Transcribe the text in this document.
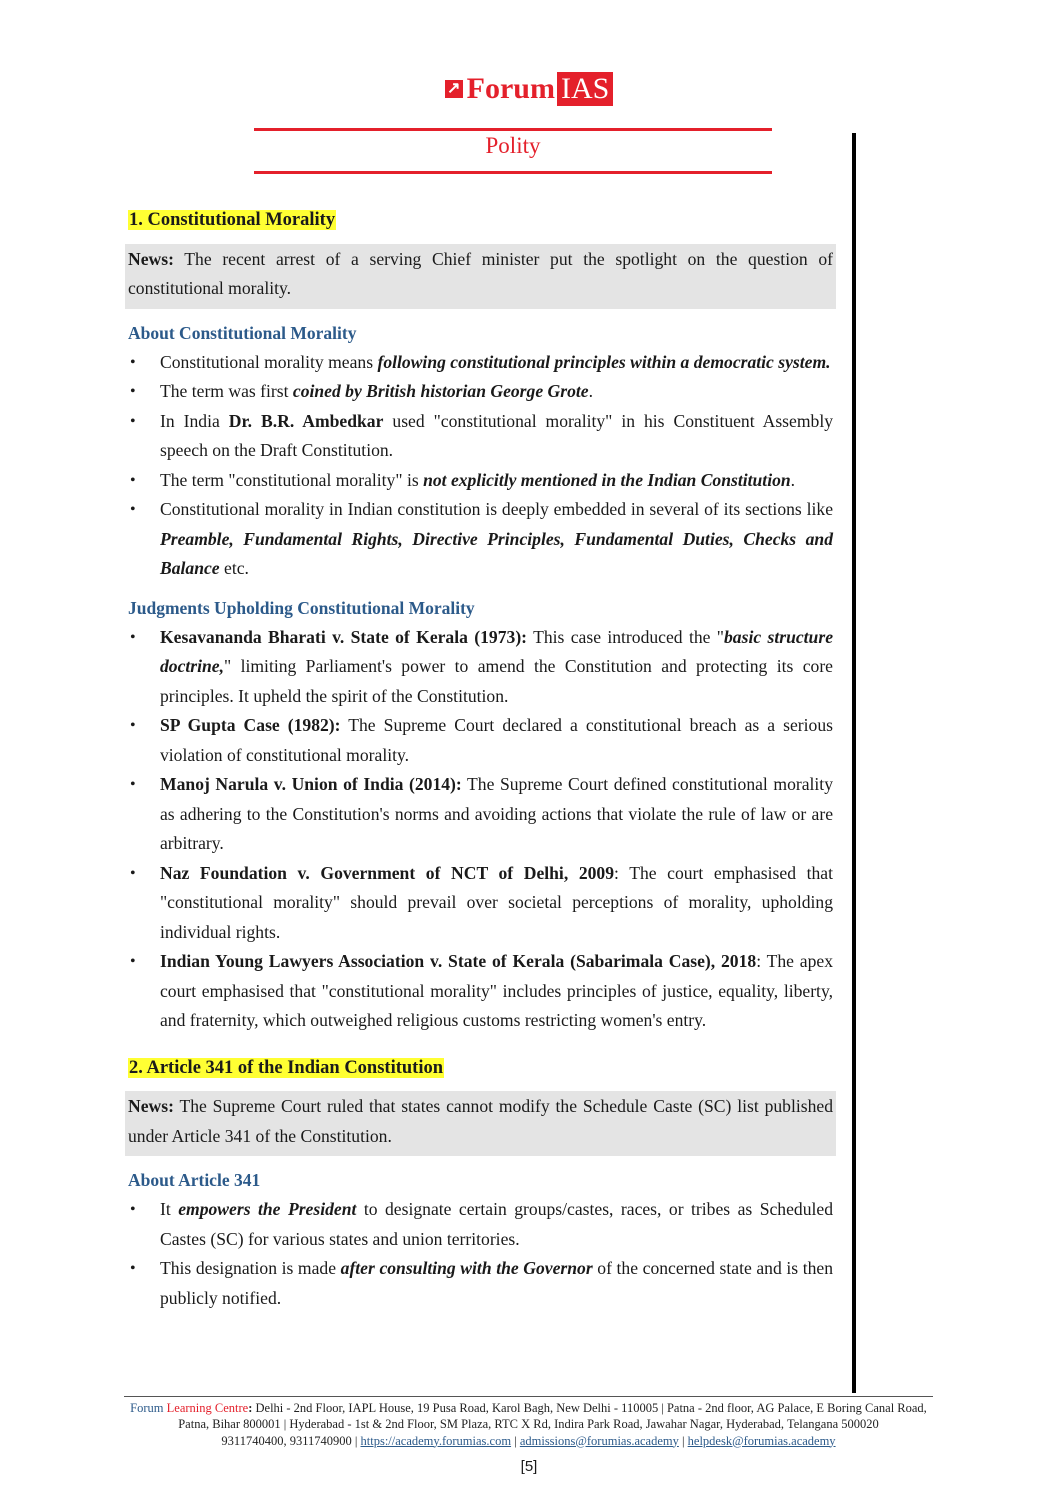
↗ Forum IAS
Polity
1. Constitutional Morality
News: The recent arrest of a serving Chief minister put the spotlight on the question of constitutional morality.
About Constitutional Morality
• Constitutional morality means following constitutional principles within a democratic system.
• The term was first coined by British historian George Grote.
• In India Dr. B.R. Ambedkar used "constitutional morality" in his Constituent Assembly speech on the Draft Constitution.
• The term "constitutional morality" is not explicitly mentioned in the Indian Constitution.
• Constitutional morality in Indian constitution is deeply embedded in several of its sections like Preamble, Fundamental Rights, Directive Principles, Fundamental Duties, Checks and Balance etc.
Judgments Upholding Constitutional Morality
• Kesavananda Bharati v. State of Kerala (1973): This case introduced the "basic structure doctrine," limiting Parliament's power to amend the Constitution and protecting its core principles. It upheld the spirit of the Constitution.
• SP Gupta Case (1982): The Supreme Court declared a constitutional breach as a serious violation of constitutional morality.
• Manoj Narula v. Union of India (2014): The Supreme Court defined constitutional morality as adhering to the Constitution's norms and avoiding actions that violate the rule of law or are arbitrary.
• Naz Foundation v. Government of NCT of Delhi, 2009: The court emphasised that "constitutional morality" should prevail over societal perceptions of morality, upholding individual rights.
• Indian Young Lawyers Association v. State of Kerala (Sabarimala Case), 2018: The apex court emphasised that "constitutional morality" includes principles of justice, equality, liberty, and fraternity, which outweighed religious customs restricting women's entry.
2. Article 341 of the Indian Constitution
News: The Supreme Court ruled that states cannot modify the Schedule Caste (SC) list published under Article 341 of the Constitution.
About Article 341
• It empowers the President to designate certain groups/castes, races, or tribes as Scheduled Castes (SC) for various states and union territories.
• This designation is made after consulting with the Governor of the concerned state and is then publicly notified.
Forum Learning Centre: Delhi - 2nd Floor, IAPL House, 19 Pusa Road, Karol Bagh, New Delhi - 110005 | Patna - 2nd floor, AG Palace, E Boring Canal Road, Patna, Bihar 800001 | Hyderabad - 1st & 2nd Floor, SM Plaza, RTC X Rd, Indira Park Road, Jawahar Nagar, Hyderabad, Telangana 500020
9311740400, 9311740900 | https://academy.forumias.com | admissions@forumias.academy | helpdesk@forumias.academy
[5]
